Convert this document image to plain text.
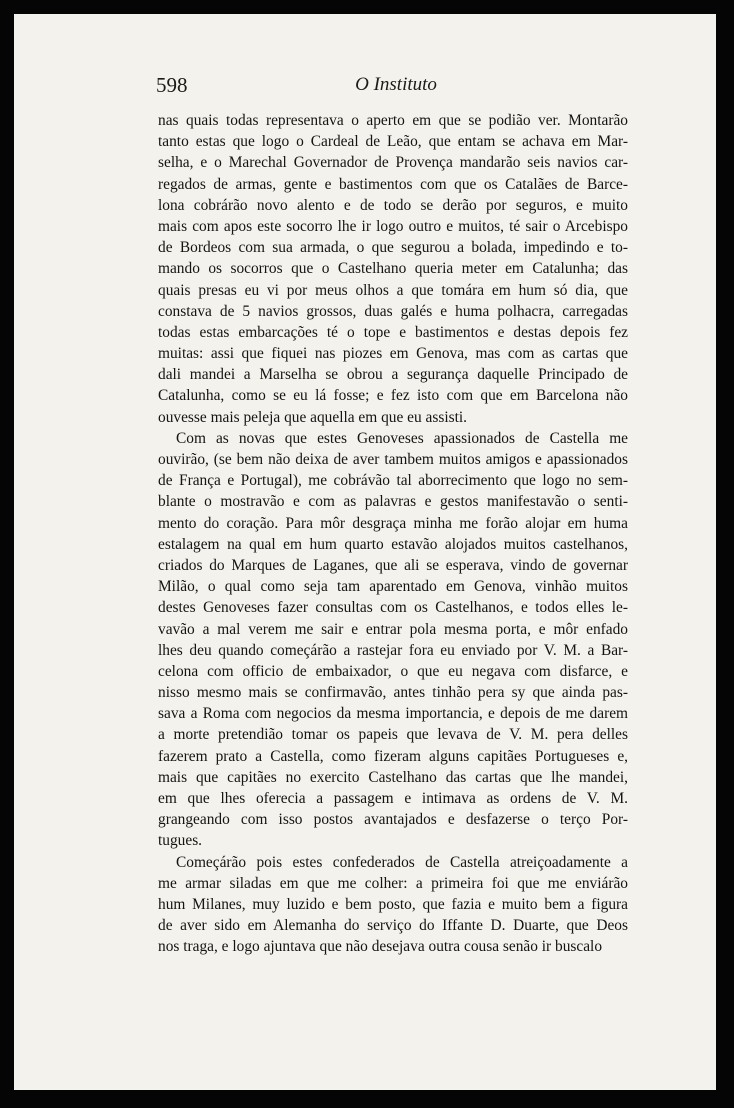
598	O Instituto
nas quais todas representava o aperto em que se podião ver. Montarão
tanto estas que logo o Cardeal de Leão, que entam se achava em Mar-
selha, e o Marechal Governador de Provença mandarão seis navios car-
regados de armas, gente e bastimentos com que os Catalães de Barce-
lona cobrárão novo alento e de todo se derão por seguros, e muito
mais com apos este socorro lhe ir logo outro e muitos, té sair o Arcebispo
de Bordeos com sua armada, o que segurou a bolada, impedindo e to-
mando os socorros que o Castelhano queria meter em Catalunha; das
quais presas eu vi por meus olhos a que tomára em hum só dia, que
constava de 5 navios grossos, duas galés e huma polhacra, carregadas
todas estas embarcações té o tope e bastimentos e destas depois fez
muitas: assi que fiquei nas piozes em Genova, mas com as cartas que
dali mandei a Marselha se obrou a segurança daquelle Principado de
Catalunha, como se eu lá fosse; e fez isto com que em Barcelona não
ouvesse mais peleja que aquella em que eu assisti.
Com as novas que estes Genoveses apassionados de Castella me
ouvirão, (se bem não deixa de aver tambem muitos amigos e apassionados
de França e Portugal), me cobrávão tal aborrecimento que logo no sem-
blante o mostravão e com as palavras e gestos manifestavão o senti-
mento do coração. Para môr desgraça minha me forão alojar em huma
estalagem na qual em hum quarto estavão alojados muitos castelhanos,
criados do Marques de Laganes, que ali se esperava, vindo de governar
Milão, o qual como seja tam aparentado em Genova, vinhão muitos
destes Genoveses fazer consultas com os Castelhanos, e todos elles le-
vavão a mal verem me sair e entrar pola mesma porta, e môr enfado
lhes deu quando começárão a rastejar fora eu enviado por V. M. a Bar-
celona com officio de embaixador, o que eu negava com disfarce, e
nisso mesmo mais se confirmavão, antes tinhão pera sy que ainda pas-
sava a Roma com negocios da mesma importancia, e depois de me darem
a morte pretendião tomar os papeis que levava de V. M. pera delles
fazerem prato a Castella, como fizeram alguns capitães Portugueses e,
mais que capitães no exercito Castelhano das cartas que lhe mandei,
em que lhes oferecia a passagem e intimava as ordens de V. M.
grangeando com isso postos avantajados e desfazerse o terço Por-
tugues.
Começárão pois estes confederados de Castella atreiçoadamente a
me armar siladas em que me colher: a primeira foi que me enviárão
hum Milanes, muy luzido e bem posto, que fazia e muito bem a figura
de aver sido em Alemanha do serviço do Iffante D. Duarte, que Deos
nos traga, e logo ajuntava que não desejava outra cousa senão ir buscalo
